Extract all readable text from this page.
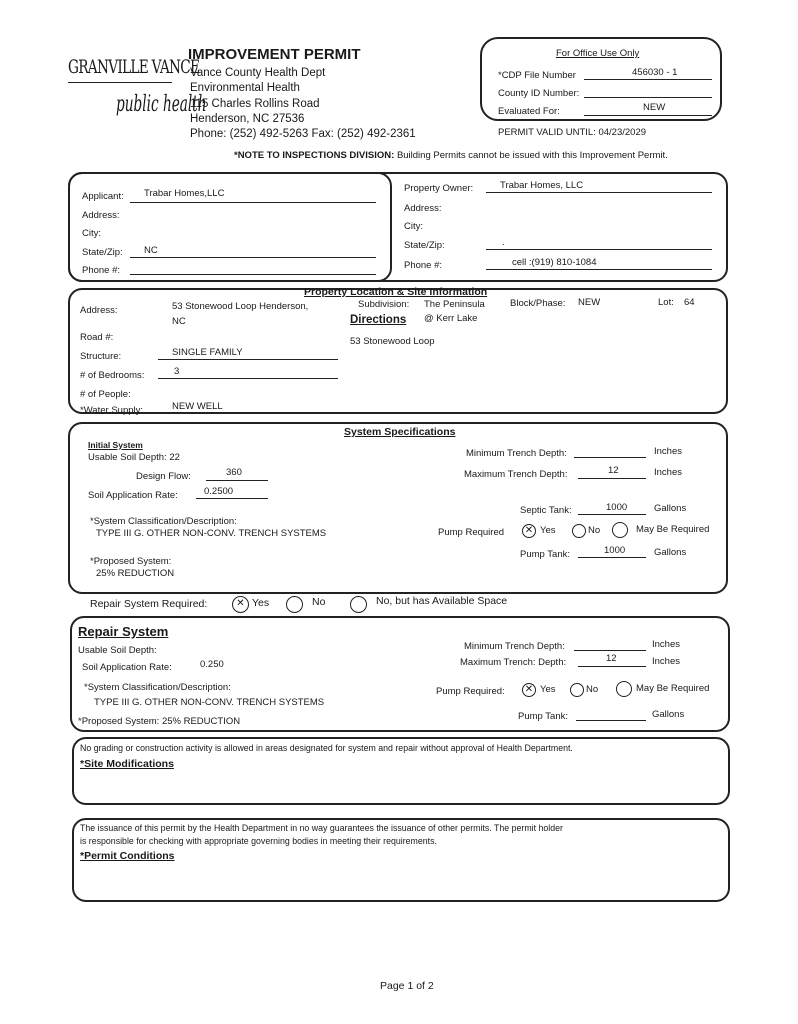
GRANVILLE VANCE
public health
IMPROVEMENT PERMIT
Vance County Health Dept
Environmental Health
115 Charles Rollins Road
Henderson, NC 27536
Phone: (252) 492-5263 Fax: (252) 492-2361
For Office Use Only
*CDP File Number	456030 - 1
County ID Number:
Evaluated For:	NEW
PERMIT VALID UNTIL: 04/23/2029
*NOTE TO INSPECTIONS DIVISION: Building Permits cannot be issued with this Improvement Permit.
Applicant: Trabar Homes,LLC
Address:
City:
State/Zip: NC
Phone #:
Property Owner:	Trabar Homes, LLC
Address:
City:
State/Zip:	.
Phone #:	cell :(919) 810-1084
Property Location & Site Information
Address:	53 Stonewood Loop Henderson,
NC
Subdivision: The Peninsula
@ Kerr Lake
Block/Phase: NEW	Lot: 64
Directions
53 Stonewood Loop
Road #:
Structure:	SINGLE FAMILY
# of Bedrooms:	3
# of People:
*Water Supply:	NEW WELL
System Specifications
Initial System
Usable Soil Depth: 22
Design Flow:	360
Soil Application Rate:	0.2500
*System Classification/Description:
TYPE III G. OTHER NON-CONV. TRENCH SYSTEMS
*Proposed System:
25% REDUCTION
Minimum Trench Depth:	Inches
Maximum Trench Depth:	12	Inches
Septic Tank:	1000	Gallons
Pump Required ✕ Yes	No	May Be Required
Pump Tank:	1000	Gallons
Repair System Required:	✕ Yes	No	No, but has Available Space
Repair System
Usable Soil Depth:
Soil Application Rate:	0.250
*System Classification/Description:
TYPE III G. OTHER NON-CONV. TRENCH SYSTEMS
*Proposed System: 25% REDUCTION
Minimum Trench Depth:	Inches
Maximum Trench: Depth:	12	Inches
Pump Required: ✕ Yes	No	May Be Required
Pump Tank:	Gallons
No grading or construction activity is allowed in areas designated for system and repair without approval of Health Department.
*Site Modifications
The issuance of this permit by the Health Department in no way guarantees the issuance of other permits. The permit holder
is responsible for checking with appropriate governing bodies in meeting their requirements.
*Permit Conditions
Page 1 of 2
